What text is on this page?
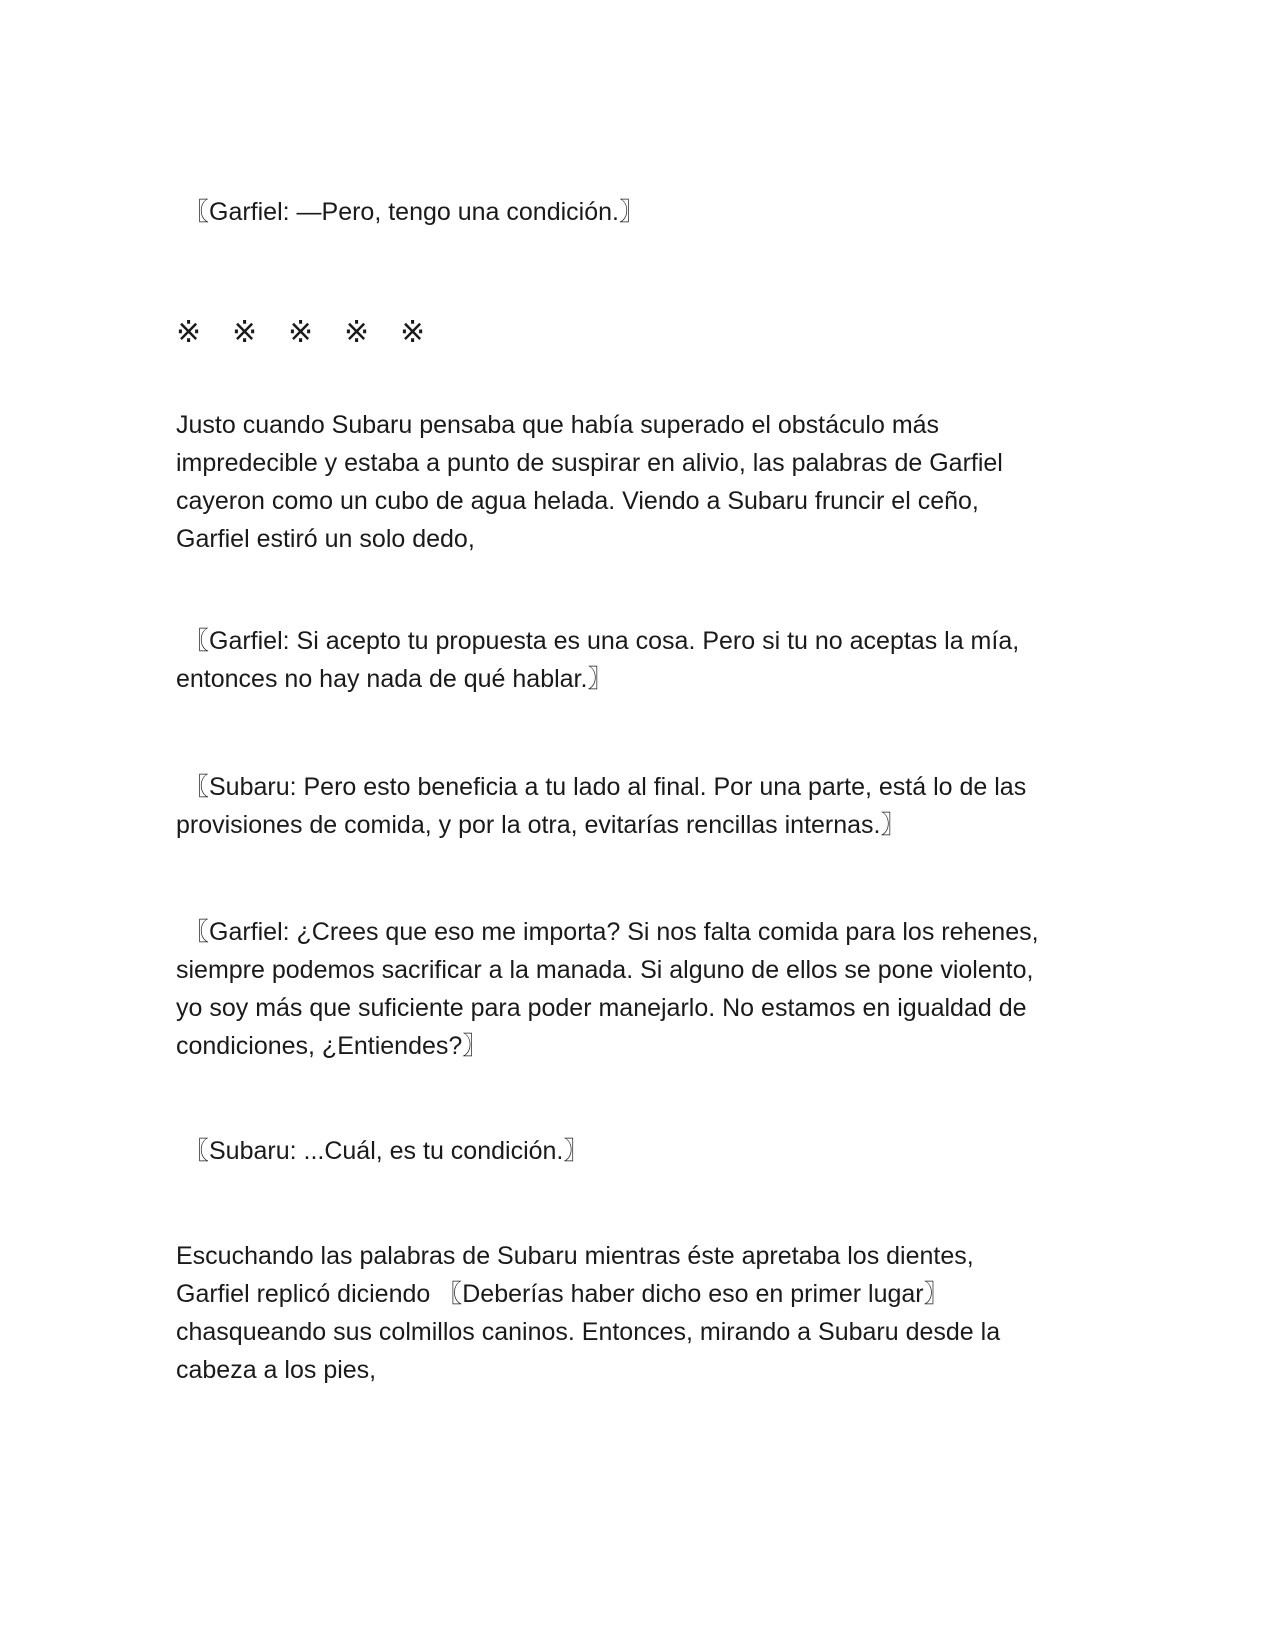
〖Garfiel: —Pero, tengo una condición.〗

※ ※ ※ ※ ※

Justo cuando Subaru pensaba que había superado el obstáculo más
impredecible y estaba a punto de suspirar en alivio, las palabras de Garfiel
cayeron como un cubo de agua helada. Viendo a Subaru fruncir el ceño,
Garfiel estiró un solo dedo,

〖Garfiel: Si acepto tu propuesta es una cosa. Pero si tu no aceptas la mía,
entonces no hay nada de qué hablar.〗

〖Subaru: Pero esto beneficia a tu lado al final. Por una parte, está lo de las
provisiones de comida, y por la otra, evitarías rencillas internas.〗

〖Garfiel: ¿Crees que eso me importa? Si nos falta comida para los rehenes,
siempre podemos sacrificar a la manada. Si alguno de ellos se pone violento,
yo soy más que suficiente para poder manejarlo. No estamos en igualdad de
condiciones, ¿Entiendes?〗

〖Subaru: ...Cuál, es tu condición.〗

Escuchando las palabras de Subaru mientras éste apretaba los dientes,
Garfiel replicó diciendo 〖Deberías haber dicho eso en primer lugar〗
chasqueando sus colmillos caninos. Entonces, mirando a Subaru desde la
cabeza a los pies,
